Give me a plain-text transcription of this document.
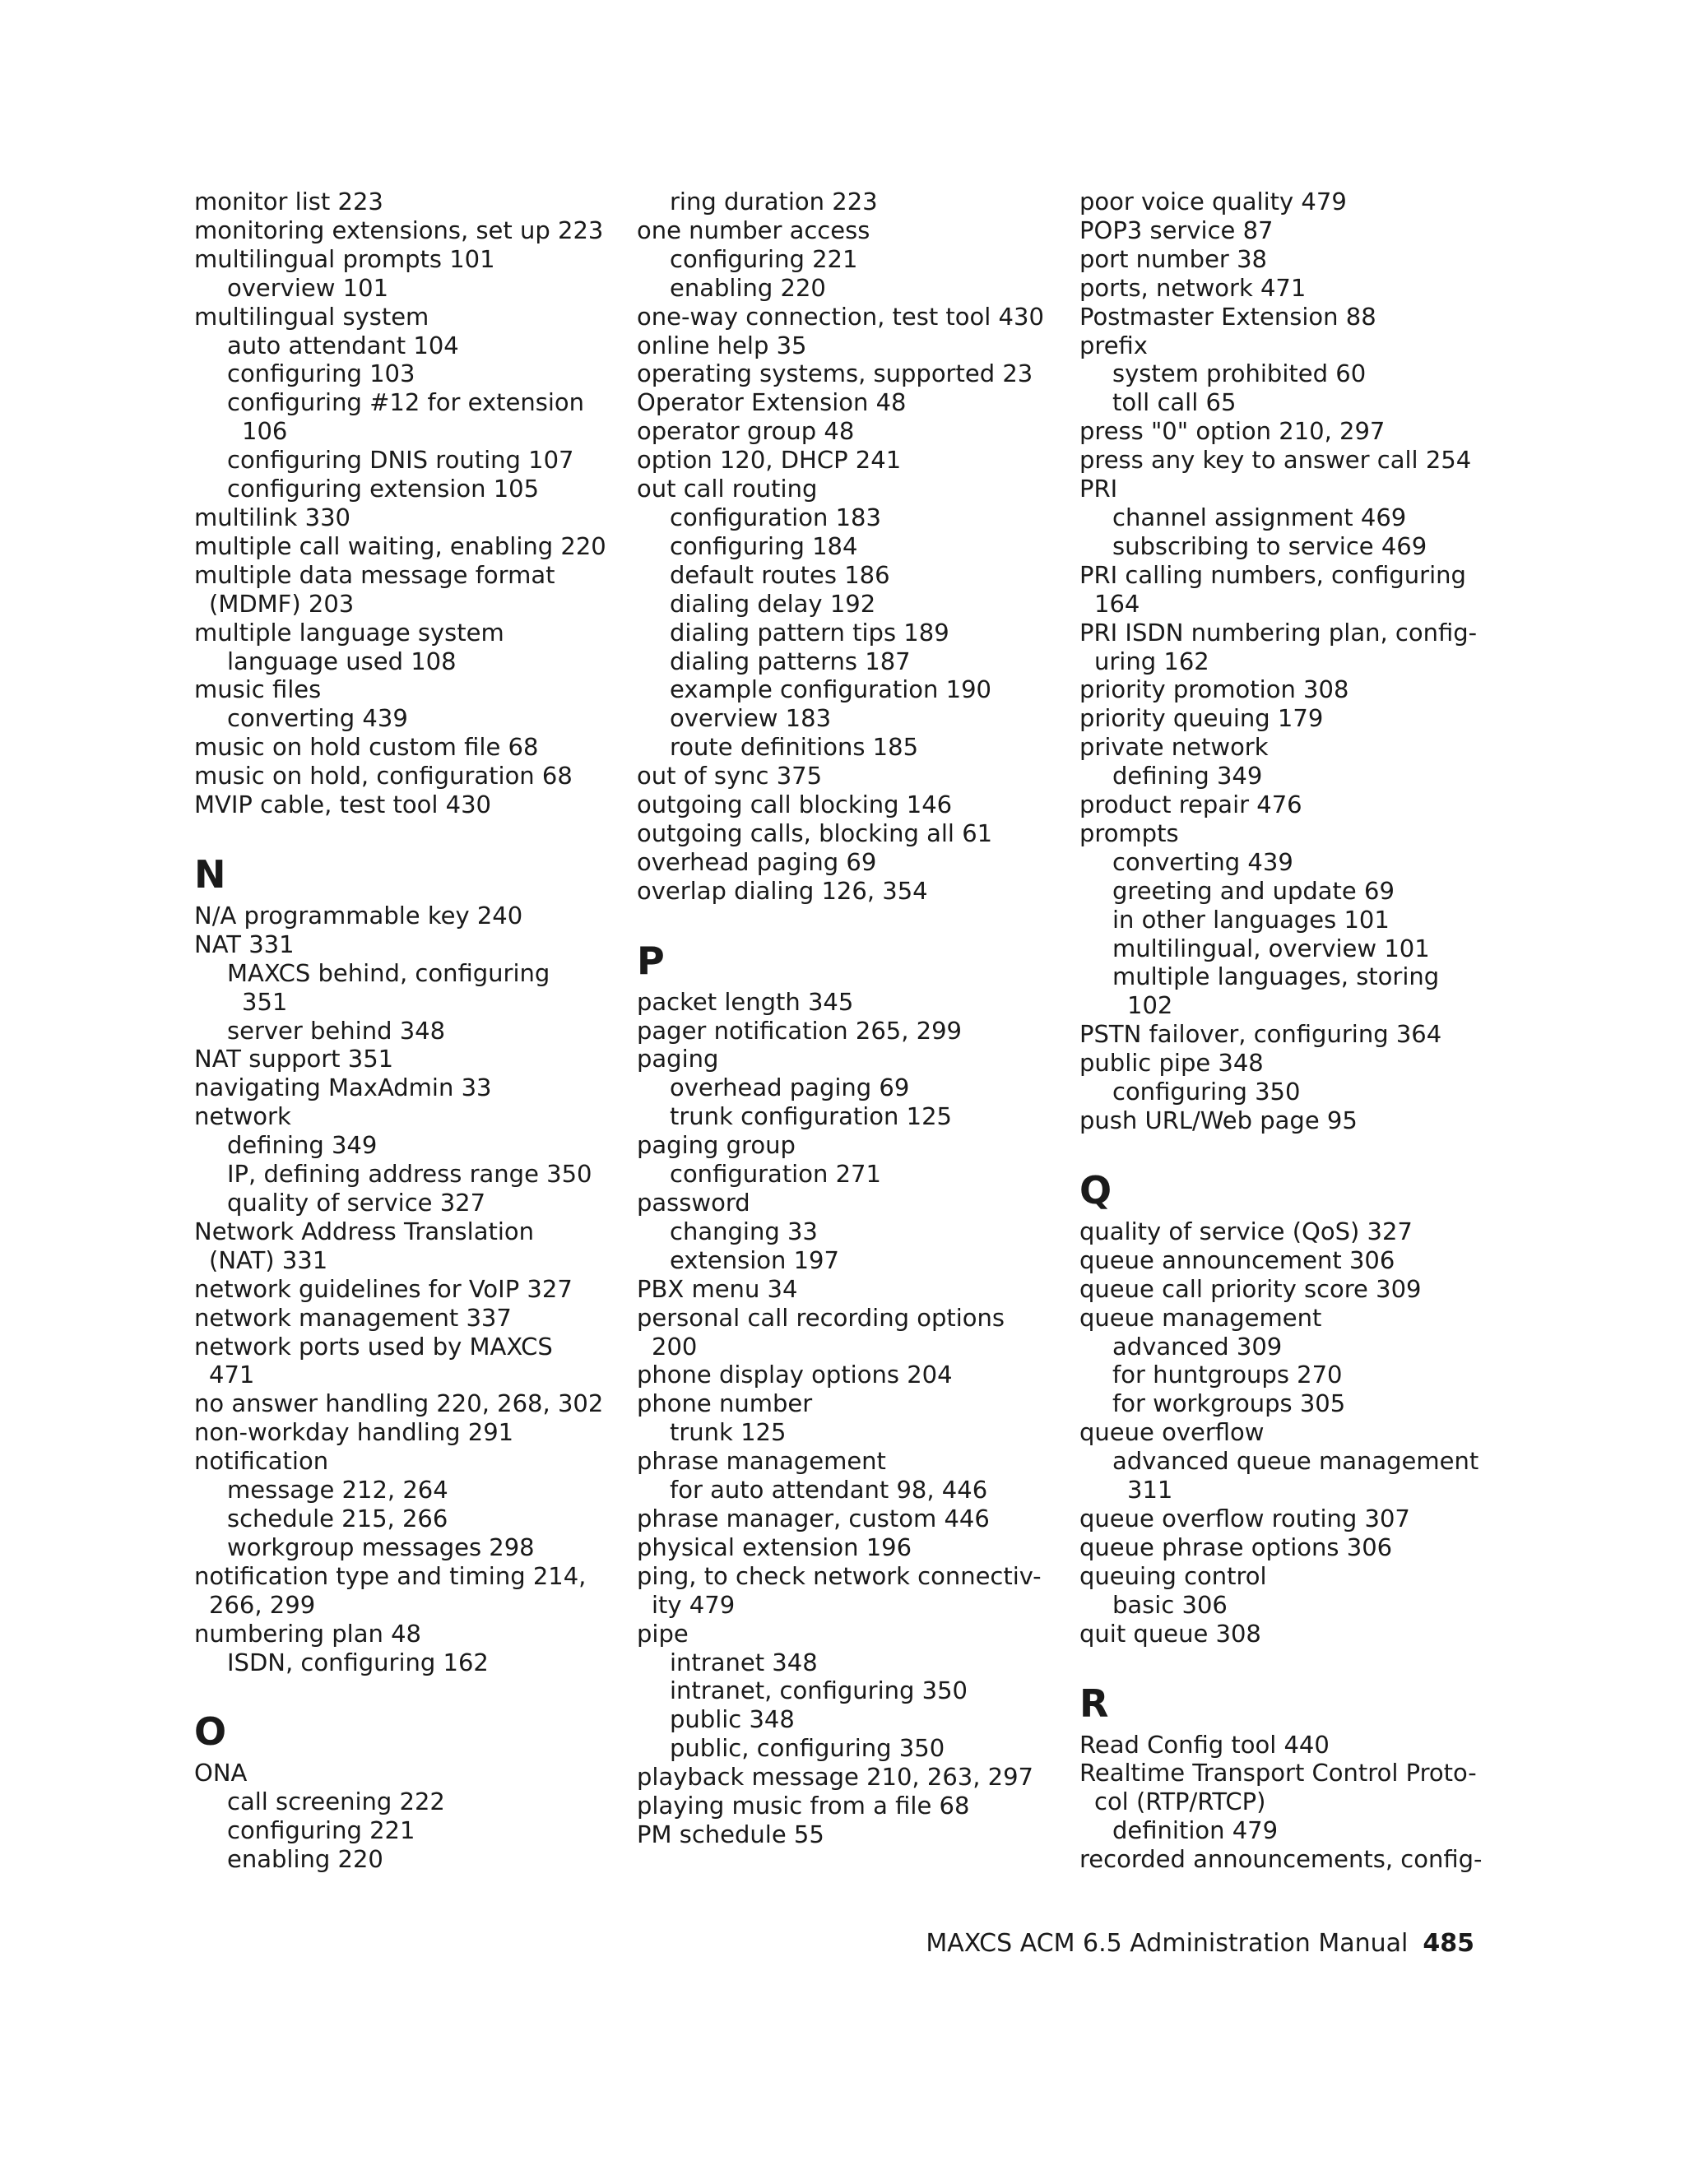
monitor list 223
monitoring extensions, set up 223
multilingual prompts 101
overview 101
multilingual system
auto attendant 104
configuring 103
configuring #12 for extension
106
configuring DNIS routing 107
configuring extension 105
multilink 330
multiple call waiting, enabling 220
multiple data message format
(MDMF) 203
multiple language system
language used 108
music files
converting 439
music on hold custom file 68
music on hold, configuration 68
MVIP cable, test tool 430
N
N/A programmable key 240
NAT 331
MAXCS behind, configuring
351
server behind 348
NAT support 351
navigating MaxAdmin 33
network
defining 349
IP, defining address range 350
quality of service 327
Network Address Translation
(NAT) 331
network guidelines for VoIP 327
network management 337
network ports used by MAXCS
471
no answer handling 220, 268, 302
non-workday handling 291
notification
message 212, 264
schedule 215, 266
workgroup messages 298
notification type and timing 214,
266, 299
numbering plan 48
ISDN, configuring 162
O
ONA
call screening 222
configuring 221
enabling 220
ring duration 223
one number access
configuring 221
enabling 220
one-way connection, test tool 430
online help 35
operating systems, supported 23
Operator Extension 48
operator group 48
option 120, DHCP 241
out call routing
configuration 183
configuring 184
default routes 186
dialing delay 192
dialing pattern tips 189
dialing patterns 187
example configuration 190
overview 183
route definitions 185
out of sync 375
outgoing call blocking 146
outgoing calls, blocking all 61
overhead paging 69
overlap dialing 126, 354
P
packet length 345
pager notification 265, 299
paging
overhead paging 69
trunk configuration 125
paging group
configuration 271
password
changing 33
extension 197
PBX menu 34
personal call recording options
200
phone display options 204
phone number
trunk 125
phrase management
for auto attendant 98, 446
phrase manager, custom 446
physical extension 196
ping, to check network connectiv-
ity 479
pipe
intranet 348
intranet, configuring 350
public 348
public, configuring 350
playback message 210, 263, 297
playing music from a file 68
PM schedule 55
poor voice quality 479
POP3 service 87
port number 38
ports, network 471
Postmaster Extension 88
prefix
system prohibited 60
toll call 65
press "0" option 210, 297
press any key to answer call 254
PRI
channel assignment 469
subscribing to service 469
PRI calling numbers, configuring
164
PRI ISDN numbering plan, config-
uring 162
priority promotion 308
priority queuing 179
private network
defining 349
product repair 476
prompts
converting 439
greeting and update 69
in other languages 101
multilingual, overview 101
multiple languages, storing
102
PSTN failover, configuring 364
public pipe 348
configuring 350
push URL/Web page 95
Q
quality of service (QoS) 327
queue announcement 306
queue call priority score 309
queue management
advanced 309
for huntgroups 270
for workgroups 305
queue overflow
advanced queue management
311
queue overflow routing 307
queue phrase options 306
queuing control
basic 306
quit queue 308
R
Read Config tool 440
Realtime Transport Control Proto-
col (RTP/RTCP)
definition 479
recorded announcements, config-
MAXCS ACM 6.5 Administration Manual 485
